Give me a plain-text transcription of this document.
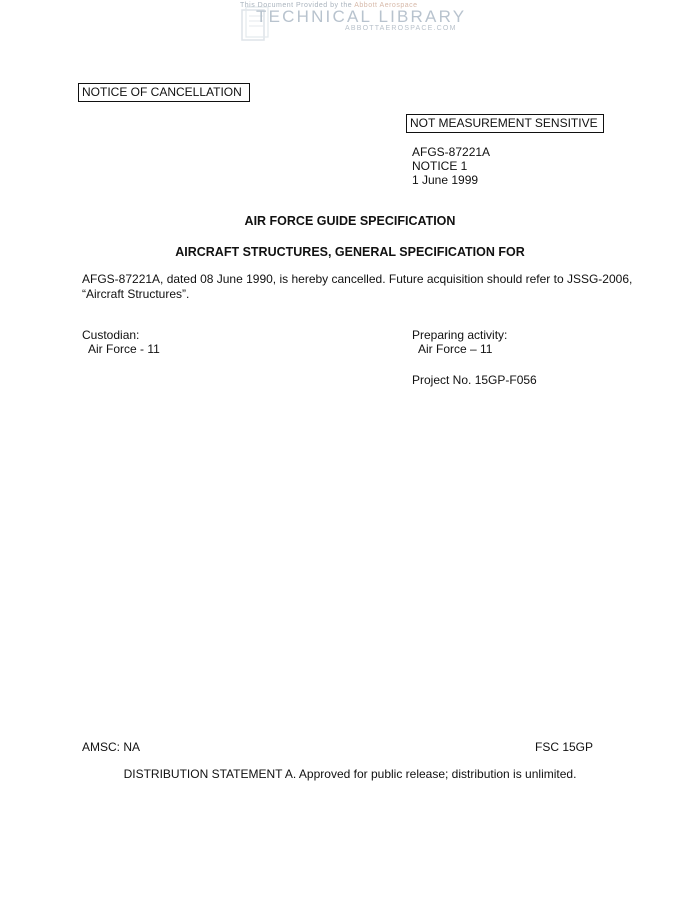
This Document Provided by the Abbott Aerospace
TECHNICAL LIBRARY
ABBOTTAEROSPACE.COM
NOTICE OF CANCELLATION
NOT MEASUREMENT SENSITIVE
AFGS-87221A
NOTICE 1
1 June 1999
AIR FORCE GUIDE SPECIFICATION
AIRCRAFT STRUCTURES, GENERAL SPECIFICATION FOR
AFGS-87221A, dated 08 June 1990, is hereby cancelled. Future acquisition should refer to JSSG-2006,
“Aircraft Structures”.
Custodian:
Air Force - 11
Preparing activity:
Air Force – 11
Project No. 15GP-F056
AMSC: NA	FSC 15GP
DISTRIBUTION STATEMENT A. Approved for public release; distribution is unlimited.
